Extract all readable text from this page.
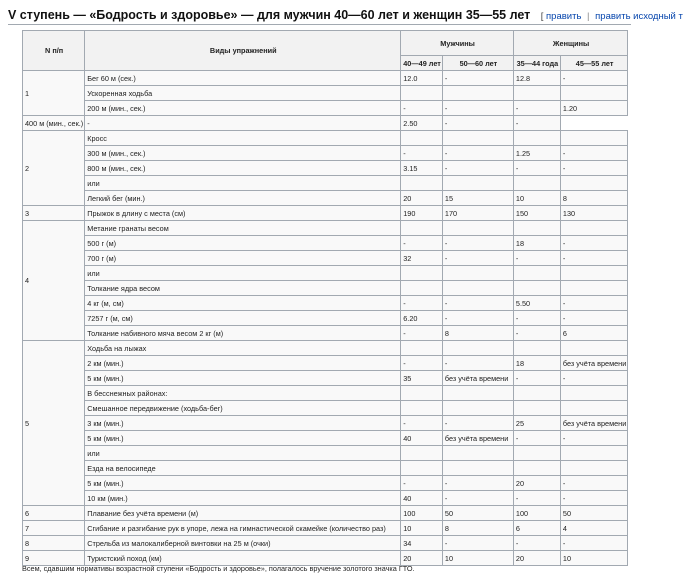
V ступень — «Бодрость и здоровье» — для мужчин 40—60 лет и женщин 35—55 лет [ править | править исходный т
N п/п	Виды упражнений	Мужчины		Женщины	
		40—49 лет	50—60 лет	35—44 года	45—55 лет
1	Бег 60 м (сек.)	12.0	-	12.8	-
	Ускоренная ходьба				
	200 м (мин., сек.)	-	-	-	1.20
400 м (мин., сек.)	-	2.50	-	-	
2	Кросс				
	300 м (мин., сек.)	-	-	1.25	-
	800 м (мин., сек.)	3.15	-	-	-
	или				
	Легкий бег (мин.)	20	15	10	8
3	Прыжок в длину с места (см)	190	170	150	130
4	Метание гранаты весом				
	500 г (м)	-	-	18	-
	700 г (м)	32	-	-	-
	или				
	Толкание ядра весом				
	4 кг (м, см)	-	-	5.50	-
	7257 г (м, см)	6.20	-	-	-
	Толкание набивного мяча весом 2 кг (м)	-	8	-	6
5	Ходьба на лыжах				
	2 км (мин.)	-	-	18	без учёта времени
	5 км (мин.)	35	без учёта времени	-	-
	В бесснежных районах:				
	Смешанное передвижение (ходьба-бег)				
	3 км (мин.)	-	-	25	без учёта времени
	5 км (мин.)	40	без учёта времени	-	-
	или				
	Езда на велосипеде				
	5 км (мин.)	-	-	20	-
	10 км (мин.)	40	-	-	-
6	Плавание без учёта времени (м)	100	50	100	50
7	Сгибание и разгибание рук в упоре, лежа на гимнастической скамейке (количество раз)	10	8	6	4
8	Стрельба из малокалиберной винтовки на 25 м (очки)	34	-	-	-
9	Туристский поход (км)	20	10	20	10
Всем, сдавшим нормативы возрастной ступени «Бодрость и здоровье», полагалось вручение золотого значка ГТО.
